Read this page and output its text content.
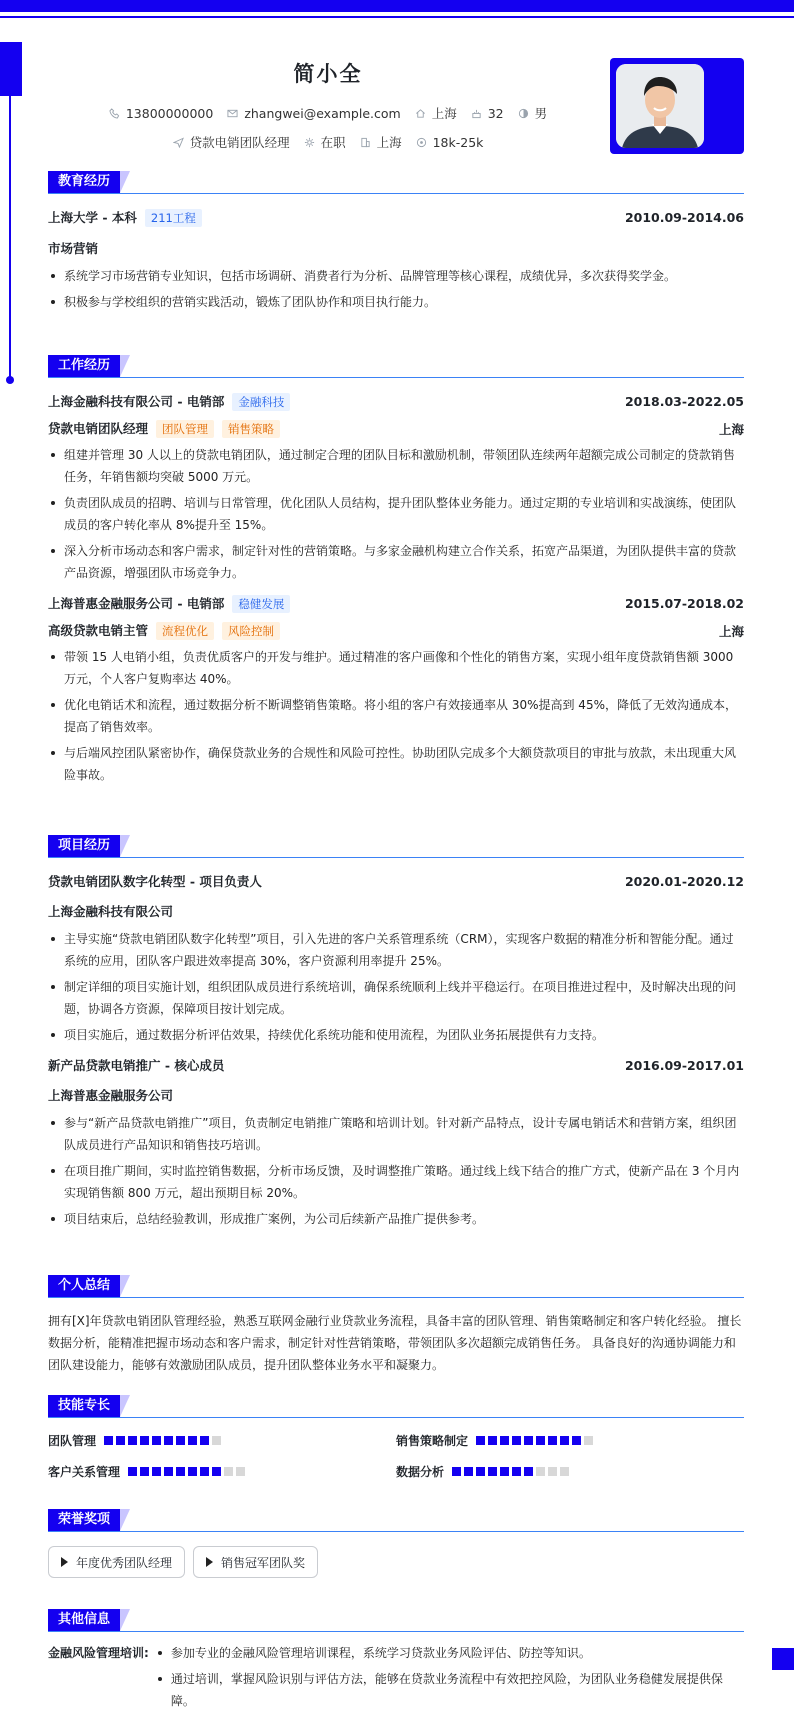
简小全
13800000000 zhangwei@example.com 上海 32 男
贷款电销团队经理 在职 上海 18k-25k
教育经历
上海大学 - 本科 211工程	2010.09-2014.06
市场营销
系统学习市场营销专业知识，包括市场调研、消费者行为分析、品牌管理等核心课程，成绩优异，多次获得奖学金。
积极参与学校组织的营销实践活动，锻炼了团队协作和项目执行能力。
工作经历
上海金融科技有限公司 - 电销部 金融科技	2018.03-2022.05
贷款电销团队经理 团队管理 销售策略	上海
组建并管理 30 人以上的贷款电销团队，通过制定合理的团队目标和激励机制，带领团队连续两年超额完成公司制定的贷款销售任务，年销售额均突破 5000 万元。
负责团队成员的招聘、培训与日常管理，优化团队人员结构，提升团队整体业务能力。通过定期的专业培训和实战演练，使团队成员的客户转化率从 8%提升至 15%。
深入分析市场动态和客户需求，制定针对性的营销策略。与多家金融机构建立合作关系，拓宽产品渠道，为团队提供丰富的贷款产品资源，增强团队市场竞争力。
上海普惠金融服务公司 - 电销部 稳健发展	2015.07-2018.02
高级贷款电销主管 流程优化 风险控制	上海
带领 15 人电销小组，负责优质客户的开发与维护。通过精准的客户画像和个性化的销售方案，实现小组年度贷款销售额 3000 万元，个人客户复购率达 40%。
优化电销话术和流程，通过数据分析不断调整销售策略。将小组的客户有效接通率从 30%提高到 45%，降低了无效沟通成本，提高了销售效率。
与后端风控团队紧密协作，确保贷款业务的合规性和风险可控性。协助团队完成多个大额贷款项目的审批与放款，未出现重大风险事故。
项目经历
贷款电销团队数字化转型 - 项目负责人	2020.01-2020.12
上海金融科技有限公司
主导实施“贷款电销团队数字化转型”项目，引入先进的客户关系管理系统（CRM），实现客户数据的精准分析和智能分配。通过系统的应用，团队客户跟进效率提高 30%，客户资源利用率提升 25%。
制定详细的项目实施计划，组织团队成员进行系统培训，确保系统顺利上线并平稳运行。在项目推进过程中，及时解决出现的问题，协调各方资源，保障项目按计划完成。
项目实施后，通过数据分析评估效果，持续优化系统功能和使用流程，为团队业务拓展提供有力支持。
新产品贷款电销推广 - 核心成员	2016.09-2017.01
上海普惠金融服务公司
参与“新产品贷款电销推广”项目，负责制定电销推广策略和培训计划。针对新产品特点，设计专属电销话术和营销方案，组织团队成员进行产品知识和销售技巧培训。
在项目推广期间，实时监控销售数据，分析市场反馈，及时调整推广策略。通过线上线下结合的推广方式，使新产品在 3 个月内实现销售额 800 万元，超出预期目标 20%。
项目结束后，总结经验教训，形成推广案例，为公司后续新产品推广提供参考。
个人总结
拥有[X]年贷款电销团队管理经验，熟悉互联网金融行业贷款业务流程，具备丰富的团队管理、销售策略制定和客户转化经验。 擅长数据分析，能精准把握市场动态和客户需求，制定针对性营销策略，带领团队多次超额完成销售任务。 具备良好的沟通协调能力和团队建设能力，能够有效激励团队成员，提升团队整体业务水平和凝聚力。
技能专长
团队管理	销售策略制定
客户关系管理	数据分析
荣誉奖项
年度优秀团队经理	销售冠军团队奖
其他信息
金融风险管理培训:	参加专业的金融风险管理培训课程，系统学习贷款业务风险评估、防控等知识。
通过培训，掌握风险识别与评估方法，能够在贷款业务流程中有效把控风险，为团队业务稳健发展提供保障。
